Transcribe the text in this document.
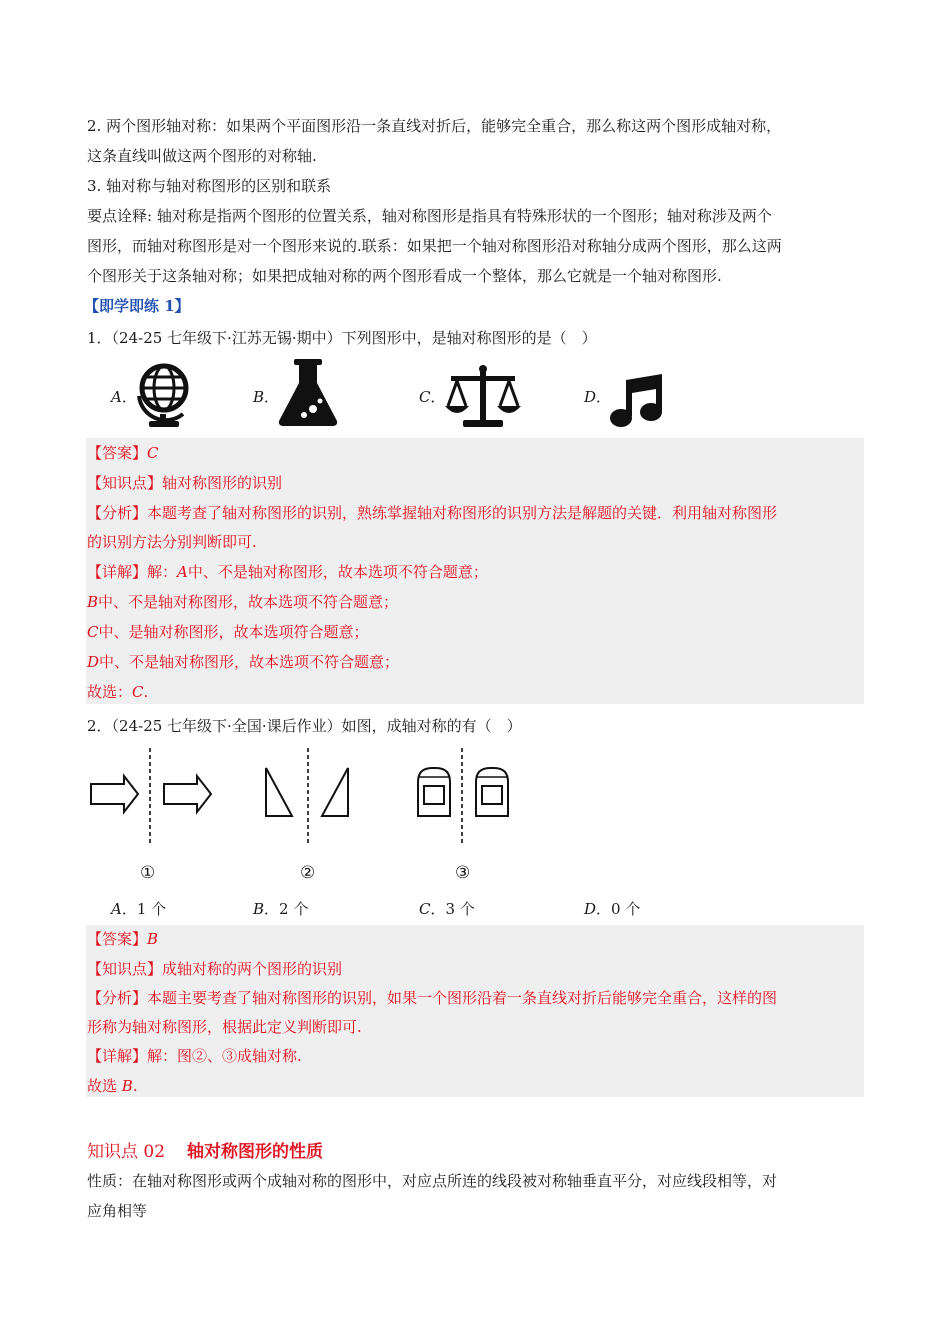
2. 两个图形轴对称：如果两个平面图形沿一条直线对折后，能够完全重合，那么称这两个图形成轴对称，
这条直线叫做这两个图形的对称轴.
3. 轴对称与轴对称图形的区别和联系
要点诠释: 轴对称是指两个图形的位置关系，轴对称图形是指具有特殊形状的一个图形；轴对称涉及两个
图形，而轴对称图形是对一个图形来说的.联系：如果把一个轴对称图形沿对称轴分成两个图形，那么这两
个图形关于这条轴对称；如果把成轴对称的两个图形看成一个整体，那么它就是一个轴对称图形.
【即学即练 1】
1．（24-25 七年级下·江苏无锡·期中）下列图形中，是轴对称图形的是（　）
A．	B．	C．	D．
【答案】C
【知识点】轴对称图形的识别
【分析】本题考查了轴对称图形的识别，熟练掌握轴对称图形的识别方法是解题的关键．利用轴对称图形
的识别方法分别判断即可.
【详解】解：A中、不是轴对称图形，故本选项不符合题意；
B中、不是轴对称图形，故本选项不符合题意；
C中、是轴对称图形，故本选项符合题意；
D中、不是轴对称图形，故本选项不符合题意；
故选：C.
2．（24-25 七年级下·全国·课后作业）如图，成轴对称的有（　）
①	②	③
A．1 个	B．2 个	C．3 个	D．0 个
【答案】B
【知识点】成轴对称的两个图形的识别
【分析】本题主要考查了轴对称图形的识别，如果一个图形沿着一条直线对折后能够完全重合，这样的图
形称为轴对称图形，根据此定义判断即可.
【详解】解：图②、③成轴对称.
故选 B.
知识点 02 轴对称图形的性质
性质：在轴对称图形或两个成轴对称的图形中，对应点所连的线段被对称轴垂直平分，对应线段相等，对
应角相等
